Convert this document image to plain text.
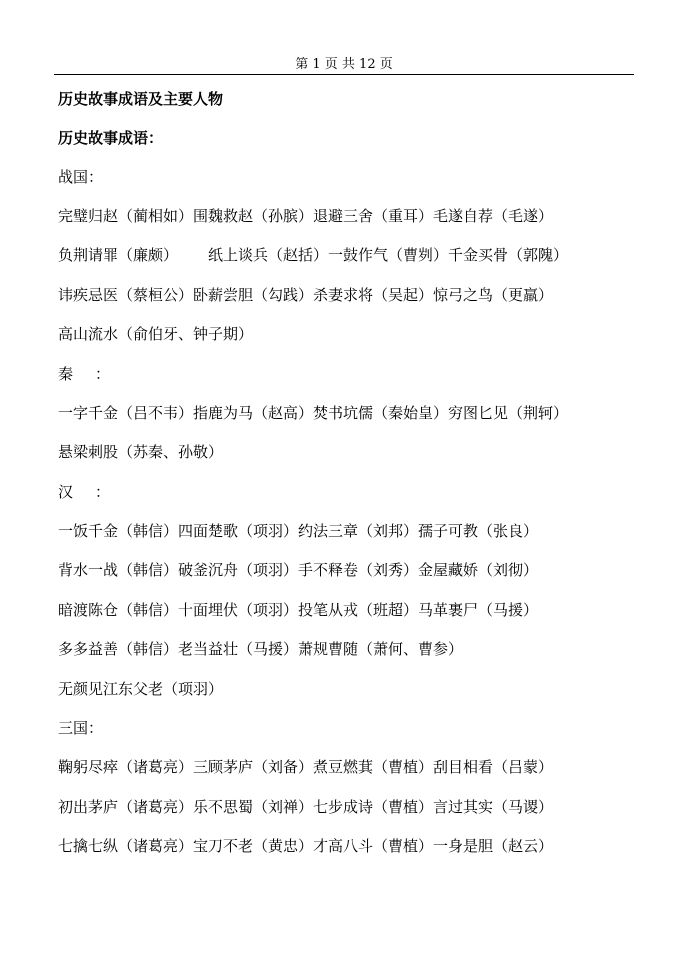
第 1 页 共 12 页
历史故事成语及主要人物
历史故事成语：
战国：
完璧归赵（蔺相如）围魏救赵（孙膑）退避三舍（重耳）毛遂自荐（毛遂）
负荆请罪（廉颇） 纸上谈兵（赵括）一鼓作气（曹刿）千金买骨（郭隗）
讳疾忌医（蔡桓公）卧薪尝胆（勾践）杀妻求将（吴起）惊弓之鸟（更羸）
高山流水（俞伯牙、钟子期）
秦 ：
一字千金（吕不韦）指鹿为马（赵高）焚书坑儒（秦始皇）穷图匕见（荆轲）
悬梁刺股（苏秦、孙敬）
汉 ：
一饭千金（韩信）四面楚歌（项羽）约法三章（刘邦）孺子可教（张良）
背水一战（韩信）破釜沉舟（项羽）手不释卷（刘秀）金屋藏娇（刘彻）
暗渡陈仓（韩信）十面埋伏（项羽）投笔从戎（班超）马革裹尸（马援）
多多益善（韩信）老当益壮（马援）萧规曹随（萧何、曹参）
无颜见江东父老（项羽）
三国：
鞠躬尽瘁（诸葛亮）三顾茅庐（刘备）煮豆燃萁（曹植）刮目相看（吕蒙）
初出茅庐（诸葛亮）乐不思蜀（刘禅）七步成诗（曹植）言过其实（马谡）
七擒七纵（诸葛亮）宝刀不老（黄忠）才高八斗（曹植）一身是胆（赵云）
